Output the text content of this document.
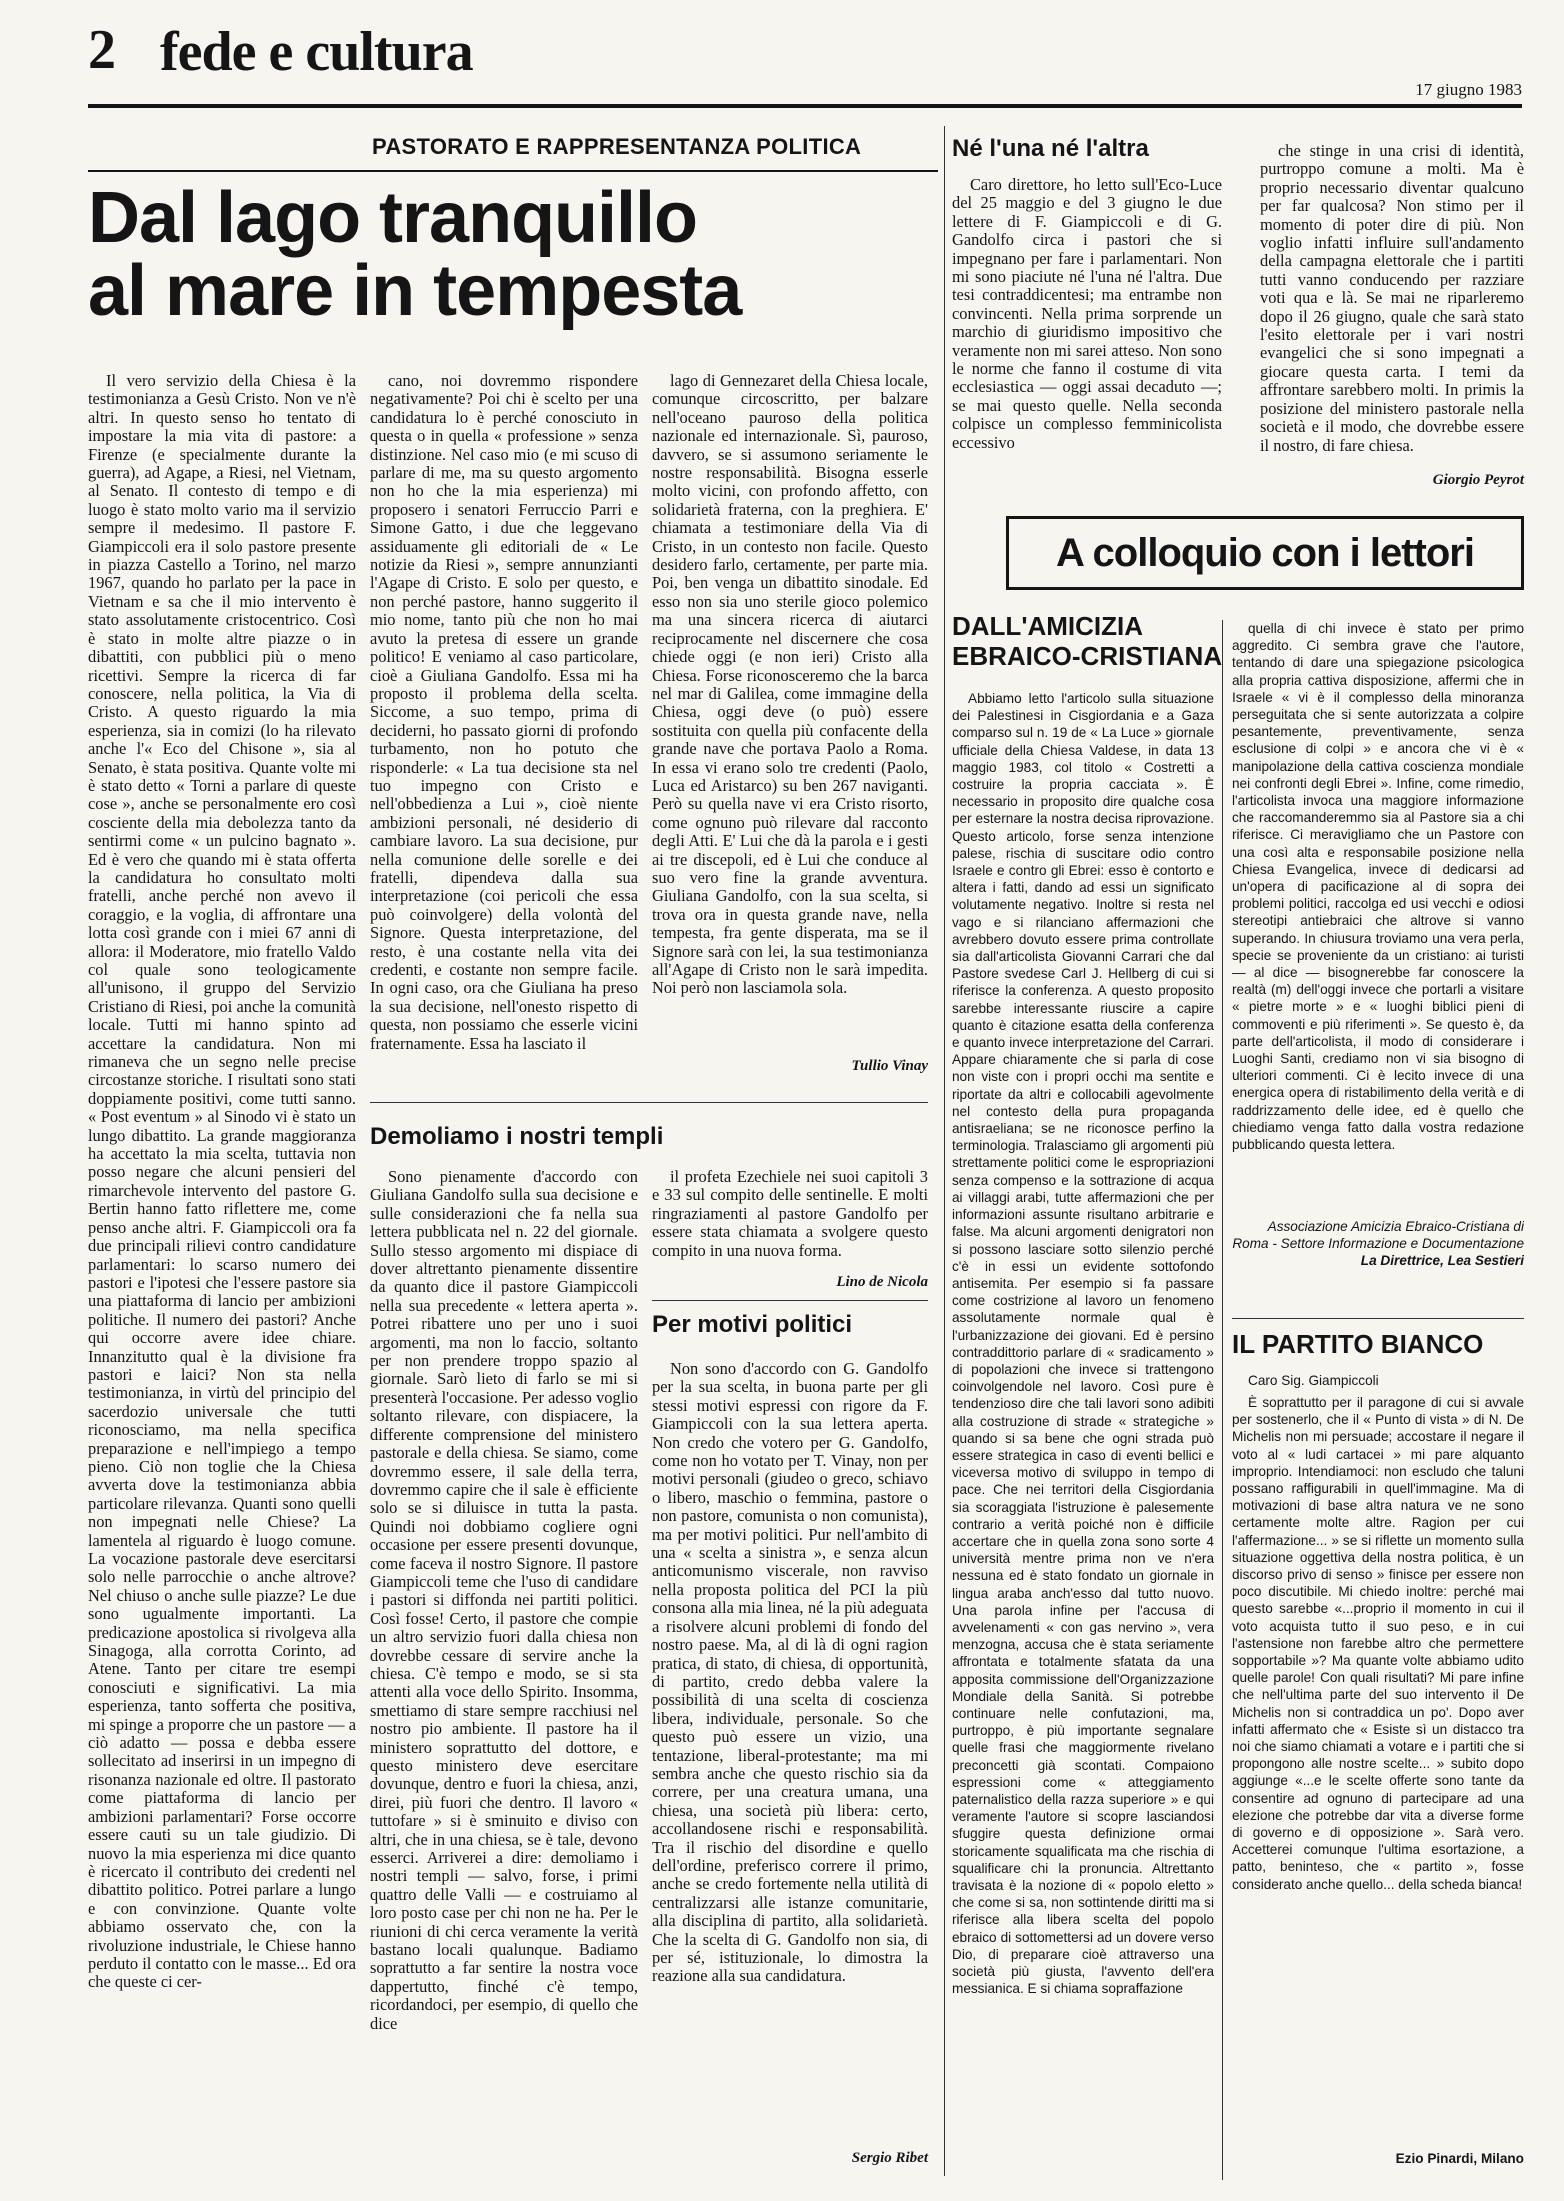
2 fede e cultura
17 giugno 1983
PASTORATO E RAPPRESENTANZA POLITICA
Dal lago tranquillo
al mare in tempesta

Il vero servizio della Chiesa è la testimonianza a Gesù Cristo. Non ve n'è altri. In questo senso ho tentato di impostare la mia vita di pastore: a Firenze (e specialmente durante la guerra), ad Agape, a Riesi, nel Vietnam, al Senato. Il contesto di tempo e di luogo è stato molto vario ma il servizio sempre il medesimo. Il pastore F. Giampiccoli era il solo pastore presente in piazza Castello a Torino, nel marzo 1967, quando ho parlato per la pace in Vietnam e sa che il mio intervento è stato assolutamente cristocentrico. Così è stato in molte altre piazze o in dibattiti, con pubblici più o meno ricettivi. Sempre la ricerca di far conoscere, nella politica, la Via di Cristo. A questo riguardo la mia esperienza, sia in comizi (lo ha rilevato anche l'« Eco del Chisone », sia al Senato, è stata positiva. Quante volte mi è stato detto « Torni a parlare di queste cose », anche se personalmente ero così cosciente della mia debolezza tanto da sentirmi come « un pulcino bagnato ». Ed è vero che quando mi è stata offerta la candidatura ho consultato molti fratelli, anche perché non avevo il coraggio, e la voglia, di affrontare una lotta così grande con i miei 67 anni di allora: il Moderatore, mio fratello Valdo col quale sono teologicamente all'unisono, il gruppo del Servizio Cristiano di Riesi, poi anche la comunità locale. Tutti mi hanno spinto ad accettare la candidatura. Non mi rimaneva che un segno nelle precise circostanze storiche. I risultati sono stati doppiamente positivi, come tutti sanno. « Post eventum » al Sinodo vi è stato un lungo dibattito. La grande maggioranza ha accettato la mia scelta, tuttavia non posso negare che alcuni pensieri del rimarchevole intervento del pastore G. Bertin hanno fatto riflettere me, come penso anche altri. F. Giampiccoli ora fa due principali rilievi contro candidature parlamentari: lo scarso numero dei pastori e l'ipotesi che l'essere pastore sia una piattaforma di lancio per ambizioni politiche. Il numero dei pastori? Anche qui occorre avere idee chiare. Innanzitutto qual è la divisione fra pastori e laici? Non sta nella testimonianza, in virtù del principio del sacerdozio universale che tutti riconosciamo, ma nella specifica preparazione e nell'impiego a tempo pieno. Ciò non toglie che la Chiesa avverta dove la testimonianza abbia particolare rilevanza. Quanti sono quelli non impegnati nelle Chiese? La lamentela al riguardo è luogo comune. La vocazione pastorale deve esercitarsi solo nelle parrocchie o anche altrove? Nel chiuso o anche sulle piazze? Le due sono ugualmente importanti. La predicazione apostolica si rivolgeva alla Sinagoga, alla corrotta Corinto, ad Atene. Tanto per citare tre esempi conosciuti e significativi. La mia esperienza, tanto sofferta che positiva, mi spinge a proporre che un pastore — a ciò adatto — possa e debba essere sollecitato ad inserirsi in un impegno di risonanza nazionale ed oltre. Il pastorato come piattaforma di lancio per ambizioni parlamentari? Forse occorre essere cauti su un tale giudizio. Di nuovo la mia esperienza mi dice quanto è ricercato il contributo dei credenti nel dibattito politico. Potrei parlare a lungo e con convinzione. Quante volte abbiamo osservato che, con la rivoluzione industriale, le Chiese hanno perduto il contatto con le masse... Ed ora che queste ci cer-

cano, noi dovremmo rispondere negativamente? Poi chi è scelto per una candidatura lo è perché conosciuto in questa o in quella « professione » senza distinzione. Nel caso mio (e mi scuso di parlare di me, ma su questo argomento non ho che la mia esperienza) mi proposero i senatori Ferruccio Parri e Simone Gatto, i due che leggevano assiduamente gli editoriali de « Le notizie da Riesi », sempre annunzianti l'Agape di Cristo. E solo per questo, e non perché pastore, hanno suggerito il mio nome, tanto più che non ho mai avuto la pretesa di essere un grande politico! E veniamo al caso particolare, cioè a Giuliana Gandolfo. Essa mi ha proposto il problema della scelta. Siccome, a suo tempo, prima di deciderni, ho passato giorni di profondo turbamento, non ho potuto che risponderle: « La tua decisione sta nel tuo impegno con Cristo e nell'obbedienza a Lui », cioè niente ambizioni personali, né desiderio di cambiare lavoro. La sua decisione, pur nella comunione delle sorelle e dei fratelli, dipendeva dalla sua interpretazione (coi pericoli che essa può coinvolgere) della volontà del Signore. Questa interpretazione, del resto, è una costante nella vita dei credenti, e costante non sempre facile. In ogni caso, ora che Giuliana ha preso la sua decisione, nell'onesto rispetto di questa, non possiamo che esserle vicini fraternamente. Essa ha lasciato il

lago di Gennezaret della Chiesa locale, comunque circoscritto, per balzare nell'oceano pauroso della politica nazionale ed internazionale. Sì, pauroso, davvero, se si assumono seriamente le nostre responsabilità. Bisogna esserle molto vicini, con profondo affetto, con solidarietà fraterna, con la preghiera. E' chiamata a testimoniare della Via di Cristo, in un contesto non facile. Questo desidero farlo, certamente, per parte mia. Poi, ben venga un dibattito sinodale. Ed esso non sia uno sterile gioco polemico ma una sincera ricerca di aiutarci reciprocamente nel discernere che cosa chiede oggi (e non ieri) Cristo alla Chiesa. Forse riconosceremo che la barca nel mar di Galilea, come immagine della Chiesa, oggi deve (o può) essere sostituita con quella più confacente della grande nave che portava Paolo a Roma. In essa vi erano solo tre credenti (Paolo, Luca ed Aristarco) su ben 267 naviganti. Però su quella nave vi era Cristo risorto, come ognuno può rilevare dal racconto degli Atti. E' Lui che dà la parola e i gesti ai tre discepoli, ed è Lui che conduce al suo vero fine la grande avventura. Giuliana Gandolfo, con la sua scelta, si trova ora in questa grande nave, nella tempesta, fra gente disperata, ma se il Signore sarà con lei, la sua testimonianza all'Agape di Cristo non le sarà impedita. Noi però non lasciamola sola.

Tullio Vinay
Demoliamo i nostri templi

Sono pienamente d'accordo con Giuliana Gandolfo sulla sua decisione e sulle considerazioni che fa nella sua lettera pubblicata nel n. 22 del giornale. Sullo stesso argomento mi dispiace di dover altrettanto pienamente dissentire da quanto dice il pastore Giampiccoli nella sua precedente « lettera aperta ». Potrei ribattere uno per uno i suoi argomenti, ma non lo faccio, soltanto per non prendere troppo spazio al giornale. Sarò lieto di farlo se mi si presenterà l'occasione. Per adesso voglio soltanto rilevare, con dispiacere, la differente comprensione del ministero pastorale e della chiesa. Se siamo, come dovremmo essere, il sale della terra, dovremmo capire che il sale è efficiente solo se si diluisce in tutta la pasta. Quindi noi dobbiamo cogliere ogni occasione per essere presenti dovunque, come faceva il nostro Signore. Il pastore Giampiccoli teme che l'uso di candidare i pastori si diffonda nei partiti politici. Così fosse! Certo, il pastore che compie un altro servizio fuori dalla chiesa non dovrebbe cessare di servire anche la chiesa. C'è tempo e modo, se si sta attenti alla voce dello Spirito. Insomma, smettiamo di stare sempre racchiusi nel nostro pio ambiente. Il pastore ha il ministero soprattutto del dottore, e questo ministero deve esercitare dovunque, dentro e fuori la chiesa, anzi, direi, più fuori che dentro. Il lavoro « tuttofare » si è sminuito e diviso con altri, che in una chiesa, se è tale, devono esserci. Arriverei a dire: demoliamo i nostri templi — salvo, forse, i primi quattro delle Valli — e costruiamo al loro posto case per chi non ne ha. Per le riunioni di chi cerca veramente la verità bastano locali qualunque. Badiamo soprattutto a far sentire la nostra voce dappertutto, finché c'è tempo, ricordandoci, per esempio, di quello che dice

il profeta Ezechiele nei suoi capitoli 3 e 33 sul compito delle sentinelle. E molti ringraziamenti al pastore Gandolfo per essere stata chiamata a svolgere questo compito in una nuova forma.

Lino de Nicola
Per motivi politici

Non sono d'accordo con G. Gandolfo per la sua scelta, in buona parte per gli stessi motivi espressi con rigore da F. Giampiccoli con la sua lettera aperta. Non credo che votero per G. Gandolfo, come non ho votato per T. Vinay, non per motivi personali (giudeo o greco, schiavo o libero, maschio o femmina, pastore o non pastore, comunista o non comunista), ma per motivi politici. Pur nell'ambito di una « scelta a sinistra », e senza alcun anticomunismo viscerale, non ravviso nella proposta politica del PCI la più consona alla mia linea, né la più adeguata a risolvere alcuni problemi di fondo del nostro paese. Ma, al di là di ogni ragion pratica, di stato, di chiesa, di opportunità, di partito, credo debba valere la possibilità di una scelta di coscienza libera, individuale, personale. So che questo può essere un vizio, una tentazione, liberal-protestante; ma mi sembra anche che questo rischio sia da correre, per una creatura umana, una chiesa, una società più libera: certo, accollandosene rischi e responsabilità. Tra il rischio del disordine e quello dell'ordine, preferisco correre il primo, anche se credo fortemente nella utilità di centralizzarsi alle istanze comunitarie, alla disciplina di partito, alla solidarietà. Che la scelta di G. Gandolfo non sia, di per sé, istituzionale, lo dimostra la reazione alla sua candidatura.

Sergio Ribet
Né l'una né l'altra

Caro direttore, ho letto sull'Eco-Luce del 25 maggio e del 3 giugno le due lettere di F. Giampiccoli e di G. Gandolfo circa i pastori che si impegnano per fare i parlamentari. Non mi sono piaciute né l'una né l'altra. Due tesi contraddicentesi; ma entrambe non convincenti. Nella prima sorprende un marchio di giuridismo impositivo che veramente non mi sarei atteso. Non sono le norme che fanno il costume di vita ecclesiastica — oggi assai decaduto —; se mai questo quelle. Nella seconda colpisce un complesso femminicolista eccessivo

che stinge in una crisi di identità, purtroppo comune a molti. Ma è proprio necessario diventar qualcuno per far qualcosa? Non stimo per il momento di poter dire di più. Non voglio infatti influire sull'andamento della campagna elettorale che i partiti tutti vanno conducendo per razziare voti qua e là. Se mai ne riparleremo dopo il 26 giugno, quale che sarà stato l'esito elettorale per i vari nostri evangelici che si sono impegnati a giocare questa carta. I temi da affrontare sarebbero molti. In primis la posizione del ministero pastorale nella società e il modo, che dovrebbe essere il nostro, di fare chiesa.

Giorgio Peyrot
A colloquio con i lettori
DALL'AMICIZIA
EBRAICO-CRISTIANA

Abbiamo letto l'articolo sulla situazione dei Palestinesi in Cisgiordania e a Gaza comparso sul n. 19 de « La Luce » giornale ufficiale della Chiesa Valdese, in data 13 maggio 1983, col titolo « Costretti a costruire la propria cacciata ». È necessario in proposito dire qualche cosa per esternare la nostra decisa riprovazione. Questo articolo, forse senza intenzione palese, rischia di suscitare odio contro Israele e contro gli Ebrei: esso è contorto e altera i fatti, dando ad essi un significato volutamente negativo. Inoltre si resta nel vago e si rilanciano affermazioni che avrebbero dovuto essere prima controllate sia dall'articolista Giovanni Carrari che dal Pastore svedese Carl J. Hellberg di cui si riferisce la conferenza. A questo proposito sarebbe interessante riuscire a capire quanto è citazione esatta della conferenza e quanto invece interpretazione del Carrari. Appare chiaramente che si parla di cose non viste con i propri occhi ma sentite e riportate da altri e collocabili agevolmente nel contesto della pura propaganda antisraeliana; se ne riconosce perfino la terminologia. Tralasciamo gli argomenti più strettamente politici come le espropriazioni senza compenso e la sottrazione di acqua ai villaggi arabi, tutte affermazioni che per informazioni assunte risultano arbitrarie e false. Ma alcuni argomenti denigratori non si possono lasciare sotto silenzio perché c'è in essi un evidente sottofondo antisemita. Per esempio si fa passare come costrizione al lavoro un fenomeno assolutamente normale qual è l'urbanizzazione dei giovani. Ed è persino contraddittorio parlare di « sradicamento » di popolazioni che invece si trattengono coinvolgendole nel lavoro. Così pure è tendenzioso dire che tali lavori sono adibiti alla costruzione di strade « strategiche » quando si sa bene che ogni strada può essere strategica in caso di eventi bellici e viceversa motivo di sviluppo in tempo di pace. Che nei territori della Cisgiordania sia scoraggiata l'istruzione è palesemente contrario a verità poiché non è difficile accertare che in quella zona sono sorte 4 università mentre prima non ve n'era nessuna ed è stato fondato un giornale in lingua araba anch'esso dal tutto nuovo. Una parola infine per l'accusa di avvelenamenti « con gas nervino », vera menzogna, accusa che è stata seriamente affrontata e totalmente sfatata da una apposita commissione dell'Organizzazione Mondiale della Sanità. Si potrebbe continuare nelle confutazioni, ma, purtroppo, è più importante segnalare quelle frasi che maggiormente rivelano preconcetti già scontati. Compaiono espressioni come « atteggiamento paternalistico della razza superiore » e qui veramente l'autore si scopre lasciandosi sfuggire questa definizione ormai storicamente squalificata ma che rischia di squalificare chi la pronuncia. Altrettanto travisata è la nozione di « popolo eletto » che come si sa, non sottintende diritti ma si riferisce alla libera scelta del popolo ebraico di sottomettersi ad un dovere verso Dio, di preparare cioè attraverso una società più giusta, l'avvento dell'era messianica. E si chiama sopraffazione

quella di chi invece è stato per primo aggredito. Ci sembra grave che l'autore, tentando di dare una spiegazione psicologica alla propria cattiva disposizione, affermi che in Israele « vi è il complesso della minoranza perseguitata che si sente autorizzata a colpire pesantemente, preventivamente, senza esclusione di colpi » e ancora che vi è « manipolazione della cattiva coscienza mondiale nei confronti degli Ebrei ». Infine, come rimedio, l'articolista invoca una maggiore informazione che raccomanderemmo sia al Pastore sia a chi riferisce. Ci meravigliamo che un Pastore con una così alta e responsabile posizione nella Chiesa Evangelica, invece di dedicarsi ad un'opera di pacificazione al di sopra dei problemi politici, raccolga ed usi vecchi e odiosi stereotipi antiebraici che altrove si vanno superando. In chiusura troviamo una vera perla, specie se proveniente da un cristiano: ai turisti — al dice — bisognerebbe far conoscere la realtà (m) dell'oggi invece che portarli a visitare « pietre morte » e « luoghi biblici pieni di commoventi e più riferimenti ». Se questo è, da parte dell'articolista, il modo di considerare i Luoghi Santi, crediamo non vi sia bisogno di ulteriori commenti. Ci è lecito invece di una energica opera di ristabilimento della verità e di raddrizzamento delle idee, ed è quello che chiediamo venga fatto dalla vostra redazione pubblicando questa lettera.

Associazione Amicizia Ebraico-Cristiana di Roma - Settore Informazione e Documentazione
La Direttrice, Lea Sestieri
IL PARTITO BIANCO

Caro Sig. Giampiccoli

È soprattutto per il paragone di cui si avvale per sostenerlo, che il « Punto di vista » di N. De Michelis non mi persuade; accostare il negare il voto al « ludi cartacei » mi pare alquanto improprio. Intendiamoci: non escludo che taluni possano raffigurabili in quell'immagine. Ma di motivazioni di base altra natura ve ne sono certamente molte altre. Ragion per cui l'affermazione... » se si riflette un momento sulla situazione oggettiva della nostra politica, è un discorso privo di senso » finisce per essere non poco discutibile. Mi chiedo inoltre: perché mai questo sarebbe «...proprio il momento in cui il voto acquista tutto il suo peso, e in cui l'astensione non farebbe altro che permettere sopportabile »? Ma quante volte abbiamo udito quelle parole! Con quali risultati? Mi pare infine che nell'ultima parte del suo intervento il De Michelis non si contraddica un po'. Dopo aver infatti affermato che « Esiste sì un distacco tra noi che siamo chiamati a votare e i partiti che si propongono alle nostre scelte... » subito dopo aggiunge «...e le scelte offerte sono tante da consentire ad ognuno di partecipare ad una elezione che potrebbe dar vita a diverse forme di governo e di opposizione ». Sarà vero. Accetterei comunque l'ultima esortazione, a patto, beninteso, che « partito », fosse considerato anche quello... della scheda bianca!

Ezio Pinardi, Milano
